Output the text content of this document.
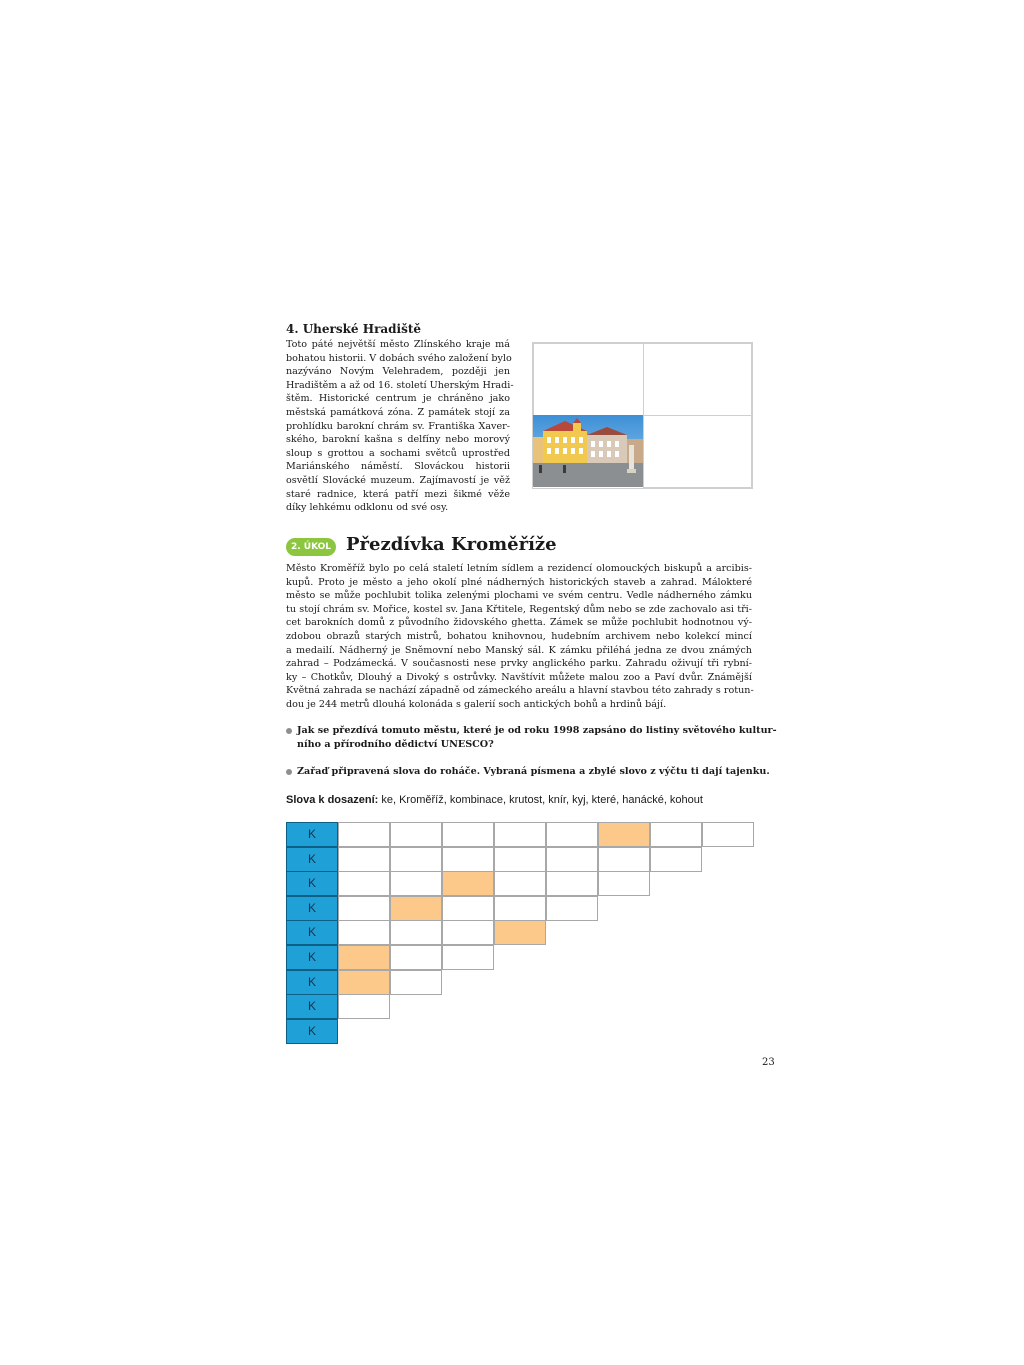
4. Uherské Hradiště

Toto páté největší město Zlínského kraje má

bohatou historii. V dobách svého založení bylo

nazýváno Novým Velehradem, později jen

Hradištěm a až od 16. století Uherským Hradi-

štěm. Historické centrum je chráněno jako

městská památková zóna. Z památek stojí za

prohlídku barokní chrám sv. Františka Xaver-

ského, barokní kašna s delfíny nebo morový

sloup s grottou a sochami světců uprostřed

Mariánského náměstí. Slováckou historii

osvětlí Slovácké muzeum. Zajímavostí je věž

staré radnice, která patří mezi šikmé věže

díky lehkému odklonu od své osy.

2. ÚKOL Přezdívka Kroměříže

Město Kroměříž bylo po celá staletí letním sídlem a rezidencí olomouckých biskupů a arcibis-

kupů. Proto je město a jeho okolí plné nádherných historických staveb a zahrad. Málokteré

město se může pochlubit tolika zelenými plochami ve svém centru. Vedle nádherného zámku

tu stojí chrám sv. Mořice, kostel sv. Jana Křtitele, Regentský dům nebo se zde zachovalo asi tři-

cet barokních domů z původního židovského ghetta. Zámek se může pochlubit hodnotnou vý-

zdobou obrazů starých mistrů, bohatou knihovnou, hudebním archivem nebo kolekcí mincí

a medailí. Nádherný je Sněmovní nebo Manský sál. K zámku přiléhá jedna ze dvou známých

zahrad – Podzámecká. V současnosti nese prvky anglického parku. Zahradu oživují tři rybní-

ky – Chotkův, Dlouhý a Divoký s ostrůvky. Navštívit můžete malou zoo a Paví dvůr. Známější

Květná zahrada se nachází západně od zámeckého areálu a hlavní stavbou této zahrady s rotun-

dou je 244 metrů dlouhá kolonáda s galerií soch antických bohů a hrdinů bájí.

Jak se přezdívá tomuto městu, které je od roku 1998 zapsáno do listiny světového kultur-
ního a přírodního dědictví UNESCO?
Zařaď připravená slova do roháče. Vybraná písmena a zbylé slovo z výčtu ti dají tajenku.
Slova k dosazení: ke, Kroměříž, kombinace, krutost, knír, kyj, které, hanácké, kohout
K
K
K
K
K
K
K
K
K
23
